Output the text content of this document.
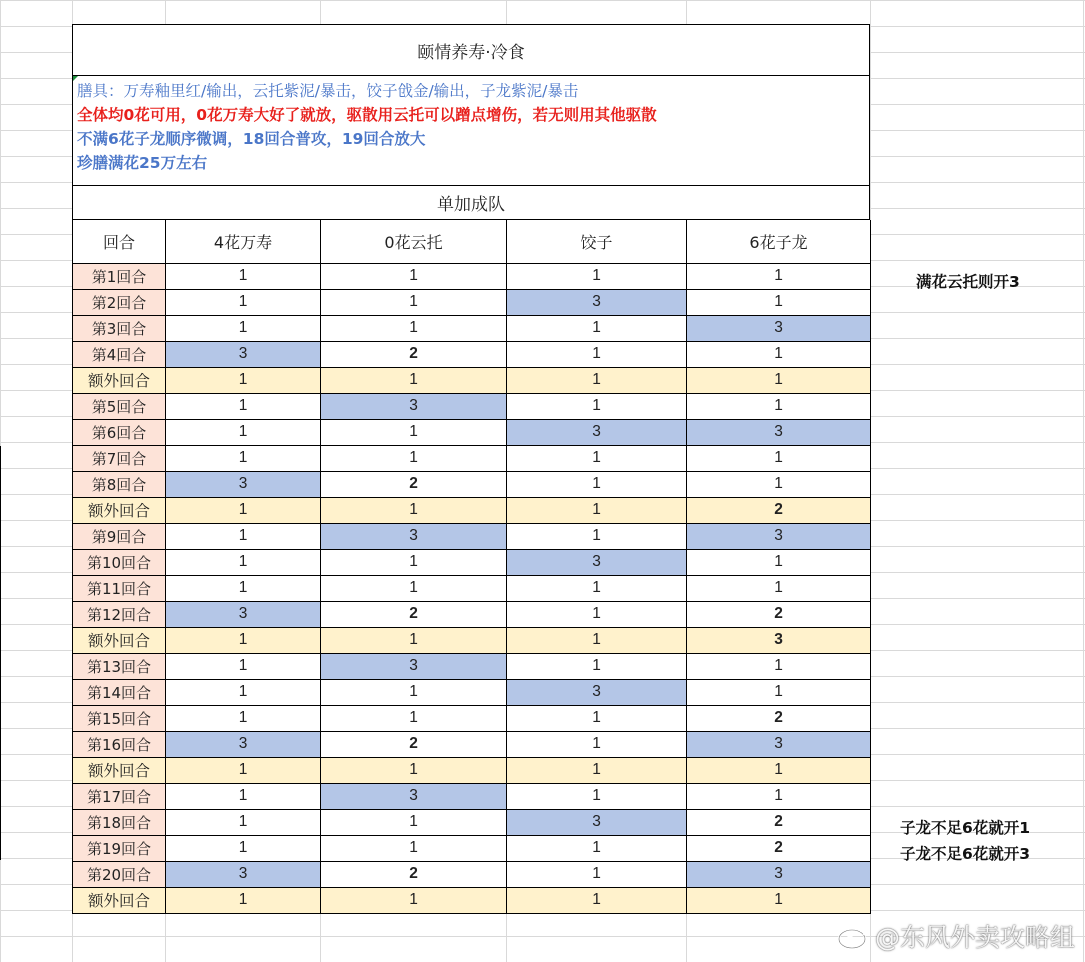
颐情养寿·冷食
膳具：万寿釉里红/输出，云托紫泥/暴击，饺子戗金/输出，子龙紫泥/暴击
全体均0花可用，0花万寿大好了就放，驱散用云托可以蹭点增伤，若无则用其他驱散
不满6花子龙顺序微调，18回合普攻，19回合放大
珍膳满花25万左右
单加成队
回合	4花万寿	0花云托	饺子	6花子龙
第1回合	1	1	1	1
第2回合	1	1	3	1
第3回合	1	1	1	3
第4回合	3	2	1	1
额外回合	1	1	1	1
第5回合	1	3	1	1
第6回合	1	1	3	3
第7回合	1	1	1	1
第8回合	3	2	1	1
额外回合	1	1	1	2
第9回合	1	3	1	3
第10回合	1	1	3	1
第11回合	1	1	1	1
第12回合	3	2	1	2
额外回合	1	1	1	3
第13回合	1	3	1	1
第14回合	1	1	3	1
第15回合	1	1	1	2
第16回合	3	2	1	3
额外回合	1	1	1	1
第17回合	1	3	1	1
第18回合	1	1	3	2
第19回合	1	1	1	2
第20回合	3	2	1	3
额外回合	1	1	1	1
满花云托则开3
子龙不足6花就开1
子龙不足6花就开3
@东风外卖攻略组
